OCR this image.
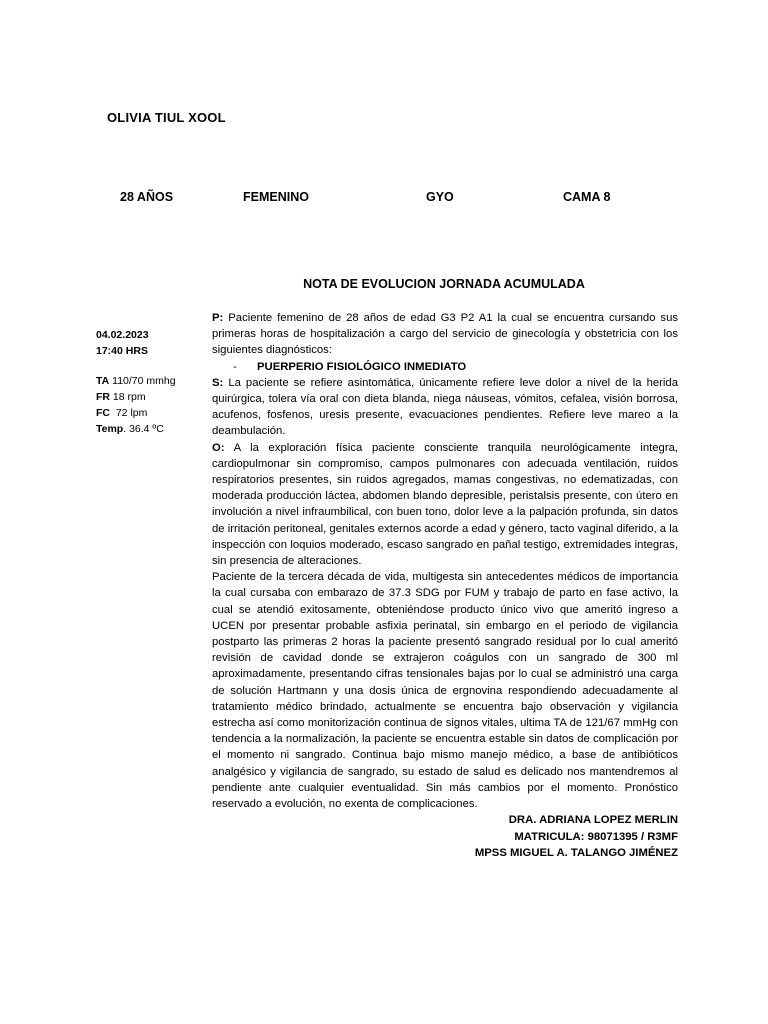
OLIVIA TIUL XOOL
28 AÑOS	FEMENINO	GYO	CAMA 8
NOTA DE EVOLUCION JORNADA ACUMULADA
04.02.2023
17:40 HRS
TA 110/70 mmhg
FR 18 rpm
FC 72 lpm
Temp. 36.4 ºC

P: Paciente femenino de 28 años de edad G3 P2 A1 la cual se encuentra cursando sus primeras horas de hospitalización a cargo del servicio de ginecología y obstetricia con los siguientes diagnósticos:

- PUERPERIO FISIOLÓGICO INMEDIATO

S: La paciente se refiere asintomática, únicamente refiere leve dolor a nivel de la herida quirúrgica, tolera vía oral con dieta blanda, niega náuseas, vómitos, cefalea, visión borrosa, acufenos, fosfenos, uresis presente, evacuaciones pendientes. Refiere leve mareo a la deambulación.

O: A la exploración física paciente consciente tranquila neurológicamente integra, cardiopulmonar sin compromiso, campos pulmonares con adecuada ventilación, ruidos respiratorios presentes, sin ruidos agregados, mamas congestivas, no edematizadas, con moderada producción láctea, abdomen blando depresible, peristalsis presente, con útero en involución a nivel infraumbilical, con buen tono, dolor leve a la palpación profunda, sin datos de irritación peritoneal, genitales externos acorde a edad y género, tacto vaginal diferido, a la inspección con loquios moderado, escaso sangrado en pañal testigo, extremidades integras, sin presencia de alteraciones.

Paciente de la tercera década de vida, multigesta sin antecedentes médicos de importancia la cual cursaba con embarazo de 37.3 SDG por FUM y trabajo de parto en fase activo, la cual se atendió exitosamente, obteniéndose producto único vivo que ameritó ingreso a UCEN por presentar probable asfixia perinatal, sin embargo en el periodo de vigilancia postparto las primeras 2 horas la paciente presentó sangrado residual por lo cual ameritó revisión de cavidad donde se extrajeron coágulos con un sangrado de 300 ml aproximadamente, presentando cifras tensionales bajas por lo cual se administró una carga de solución Hartmann y una dosis única de ergnovina respondiendo adecuadamente al tratamiento médico brindado, actualmente se encuentra bajo observación y vigilancia estrecha así como monitorización continua de signos vitales, ultima TA de 121/67 mmHg con tendencia a la normalización, la paciente se encuentra estable sin datos de complicación por el momento ni sangrado. Continua bajo mismo manejo médico, a base de antibióticos analgésico y vigilancia de sangrado, su estado de salud es delicado nos mantendremos al pendiente ante cualquier eventualidad. Sin más cambios por el momento. Pronóstico reservado a evolución, no exenta de complicaciones.

DRA. ADRIANA LOPEZ MERLIN
MATRICULA: 98071395 / R3MF
MPSS MIGUEL A. TALANGO JIMÉNEZ
